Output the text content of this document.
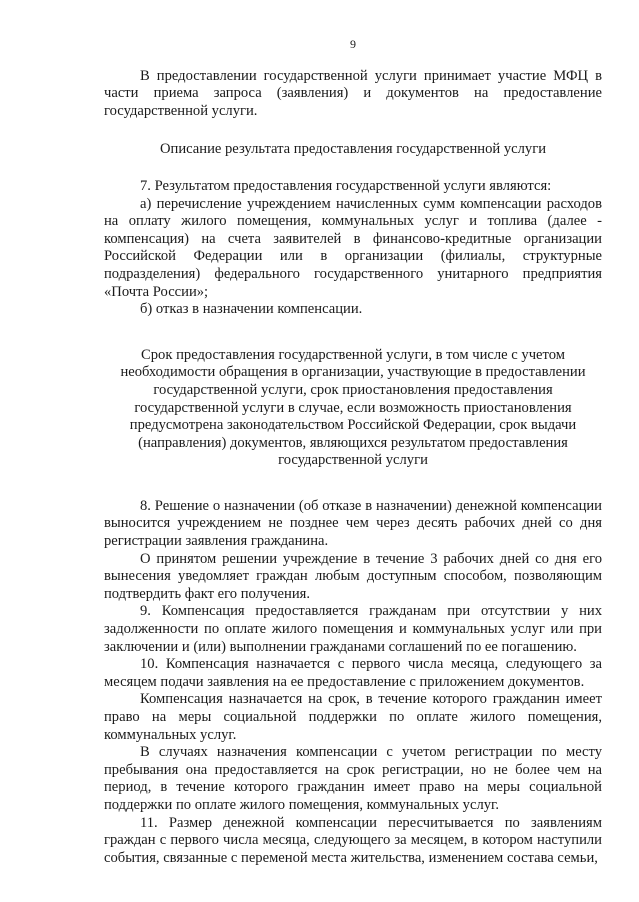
9

В предоставлении государственной услуги принимает участие МФЦ в части приема запроса (заявления) и документов на предоставление государственной услуги.

Описание результата предоставления государственной услуги

7. Результатом предоставления государственной услуги являются:

а) перечисление учреждением начисленных сумм компенсации расходов на оплату жилого помещения, коммунальных услуг и топлива (далее - компенсация) на счета заявителей в финансово-кредитные организации Российской Федерации или в организации (филиалы, структурные подразделения) федерального государственного унитарного предприятия «Почта России»;

б) отказ в назначении компенсации.

Срок предоставления государственной услуги, в том числе с учетом необходимости обращения в организации, участвующие в предоставлении государственной услуги, срок приостановления предоставления государственной услуги в случае, если возможность приостановления предусмотрена законодательством Российской Федерации, срок выдачи (направления) документов, являющихся результатом предоставления государственной услуги

8. Решение о назначении (об отказе в назначении) денежной компенсации выносится учреждением не позднее чем через десять рабочих дней со дня регистрации заявления гражданина.

О принятом решении учреждение в течение 3 рабочих дней со дня его вынесения уведомляет граждан любым доступным способом, позволяющим подтвердить факт его получения.

9. Компенсация предоставляется гражданам при отсутствии у них задолженности по оплате жилого помещения и коммунальных услуг или при заключении и (или) выполнении гражданами соглашений по ее погашению.

10. Компенсация назначается с первого числа месяца, следующего за месяцем подачи заявления на ее предоставление с приложением документов.

Компенсация назначается на срок, в течение которого гражданин имеет право на меры социальной поддержки по оплате жилого помещения, коммунальных услуг.

В случаях назначения компенсации с учетом регистрации по месту пребывания она предоставляется на срок регистрации, но не более чем на период, в течение которого гражданин имеет право на меры социальной поддержки по оплате жилого помещения, коммунальных услуг.

11. Размер денежной компенсации пересчитывается по заявлениям граждан с первого числа месяца, следующего за месяцем, в котором наступили события, связанные с переменой места жительства, изменением состава семьи,
